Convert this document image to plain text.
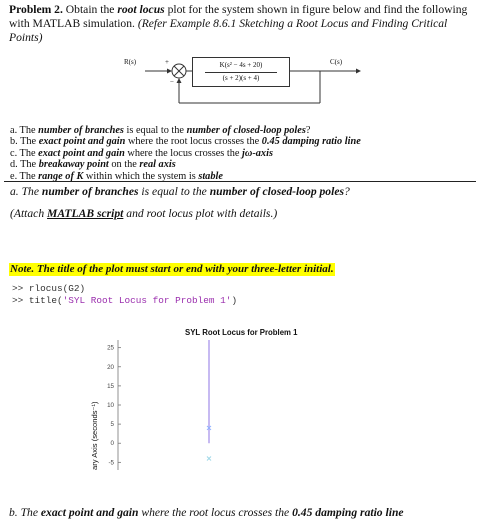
Problem 2. Obtain the root locus plot for the system shown in figure below and find the following with MATLAB simulation. (Refer Example 8.6.1 Sketching a Root Locus and Finding Critical Points)
R(s)	+
−
K(s² − 4s + 20)
(s + 2)(s + 4)
C(s)
a. The number of branches is equal to the number of closed-loop poles?
b. The exact point and gain where the root locus crosses the 0.45 damping ratio line
c. The exact point and gain where the locus crosses the jω-axis
d. The breakaway point on the real axis
e. The range of K within which the system is stable
a. The number of branches is equal to the number of closed-loop poles?
(Attach MATLAB script and root locus plot with details.)
Note. The title of the plot must start or end with your three-letter initial.
>> rlocus(G2)
>> title('SYL Root Locus for Problem 1')
SYL Root Locus for Problem 1
25
20
15
10
5
0
-5
ary Axis (seconds⁻¹)
b. The exact point and gain where the root locus crosses the 0.45 damping ratio line
